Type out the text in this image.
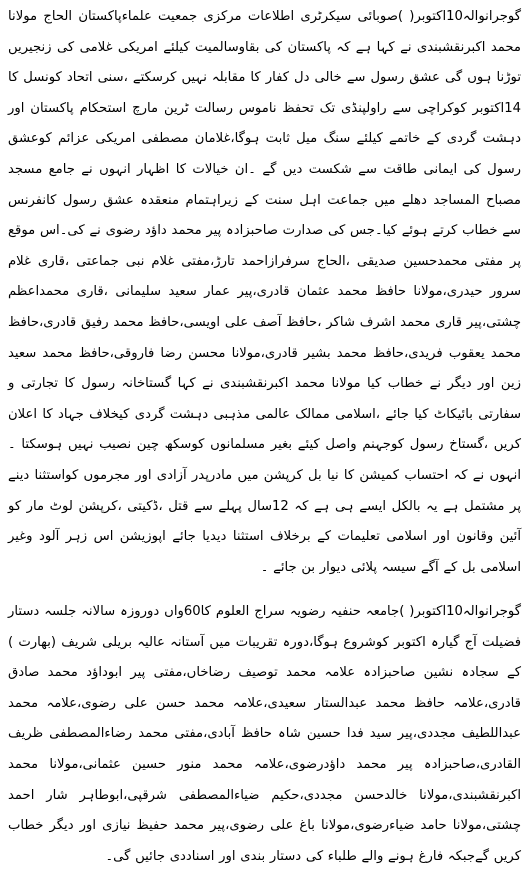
گوجرانوالہ10اکتوبر( )صوبائی سیکرٹری اطلاعات مرکزی جمعیت علماءپاکستان الحاج مولانا محمد اکبرنقشبندی نے کہا ہے کہ پاکستان کی بقاوسالمیت کیلئے امریکی غلامی کی زنجیریں توڑنا ہوں گی عشق رسول سے خالی دل کفار کا مقابلہ نہیں کرسکتے ،سنی اتحاد کونسل کا 14اکتوبر کوکراچی سے راولپنڈی تک تحفظ ناموس رسالت ٹرین مارچ استحکام پاکستان اور دہشت گردی کے خاتمے کیلئے سنگ میل ثابت ہوگا،غلامان مصطفی امریکی عزائم کوعشق رسول کی ایمانی طاقت سے شکست دیں گے ۔ان خیالات کا اظہار انہوں نے جامع مسجد مصباح المساجد دھلے میں جماعت اہل سنت کے زیراہتمام منعقدہ عشق رسول کانفرنس سے خطاب کرتے ہوئے کیا۔جس کی صدارت صاحبزادہ پیر محمد داؤد رضوی نے کی۔اس موقع پر مفتی محمدحسین صدیقی ،الحاج سرفرازاحمد تارڑ،مفتی غلام نبی جماعتی ،قاری غلام سرور حیدری،مولانا حافظ محمد عثمان قادری،پیر عمار سعید سلیمانی ،قاری محمداعظم چشتی،پیر قاری محمد اشرف شاکر ،حافظ آصف علی اویسی،حافظ محمد رفیق قادری،حافظ محمد یعقوب فریدی،حافظ محمد بشیر قادری،مولانا محسن رضا فاروقی،حافظ محمد سعید زین اور دیگر نے خطاب کیا مولانا محمد اکبرنقشبندی نے کہا گستاخانہ رسول کا تجارتی و سفارتی بائیکاٹ کیا جائے ،اسلامی ممالک عالمی مذہبی دہشت گردی کیخلاف جہاد کا اعلان کریں ،گستاخ رسول کوجہنم واصل کیئے بغیر مسلمانوں کوسکھ چین نصیب نہیں ہوسکتا ۔انہوں نے کہ احتساب کمیشن کا نیا بل کرپشن میں مادرپدر آزادی اور مجرموں کواستثنا دینے پر مشتمل ہے یہ بالکل ایسے ہی ہے کہ 12سال پہلے سے قتل ،ڈکیتی ،کرپشن لوٹ مار کو آئین وقانون اور اسلامی تعلیمات کے برخلاف استثنا دیدیا جائے اپوزیشن اس زہر آلود وغیر اسلامی بل کے آگے سیسہ پلائی دیوار بن جائے ۔
گوجرانوالہ10اکتوبر( )جامعہ حنفیہ رضویہ سراج العلوم کا60واں دوروزہ سالانہ جلسہ دستار فضیلت آج گیارہ اکتوبر کوشروع ہوگا،دورہ تقریبات میں آستانہ عالیہ بریلی شریف (بھارت ) کے سجادہ نشین صاحبزادہ علامہ محمد توصیف رضاخاں،مفتی پیر ابوداؤد محمد صادق قادری،علامہ حافظ محمد عبدالستار سعیدی،علامہ محمد حسن علی رضوی،علامہ محمد عبداللطیف مجددی،پیر سید فدا حسین شاہ حافظ آبادی،مفتی محمد رضاءالمصطفی ظریف القادری،صاحبزادہ پیر محمد داؤدرضوی،علامہ محمد منور حسین عثمانی،مولانا محمد اکبرنقشبندی،مولانا خالدحسن مجددی،حکیم ضیاءالمصطفی شرقپی،ابوطاہر شار احمد چشتی،مولانا حامد ضیاءرضوی،مولانا باغ علی رضوی،پیر محمد حفیظ نیازی اور دیگر خطاب کریں گےجبکہ فارغ ہونے والے طلباء کی دستار بندی اور اسناددی جائیں گی۔
